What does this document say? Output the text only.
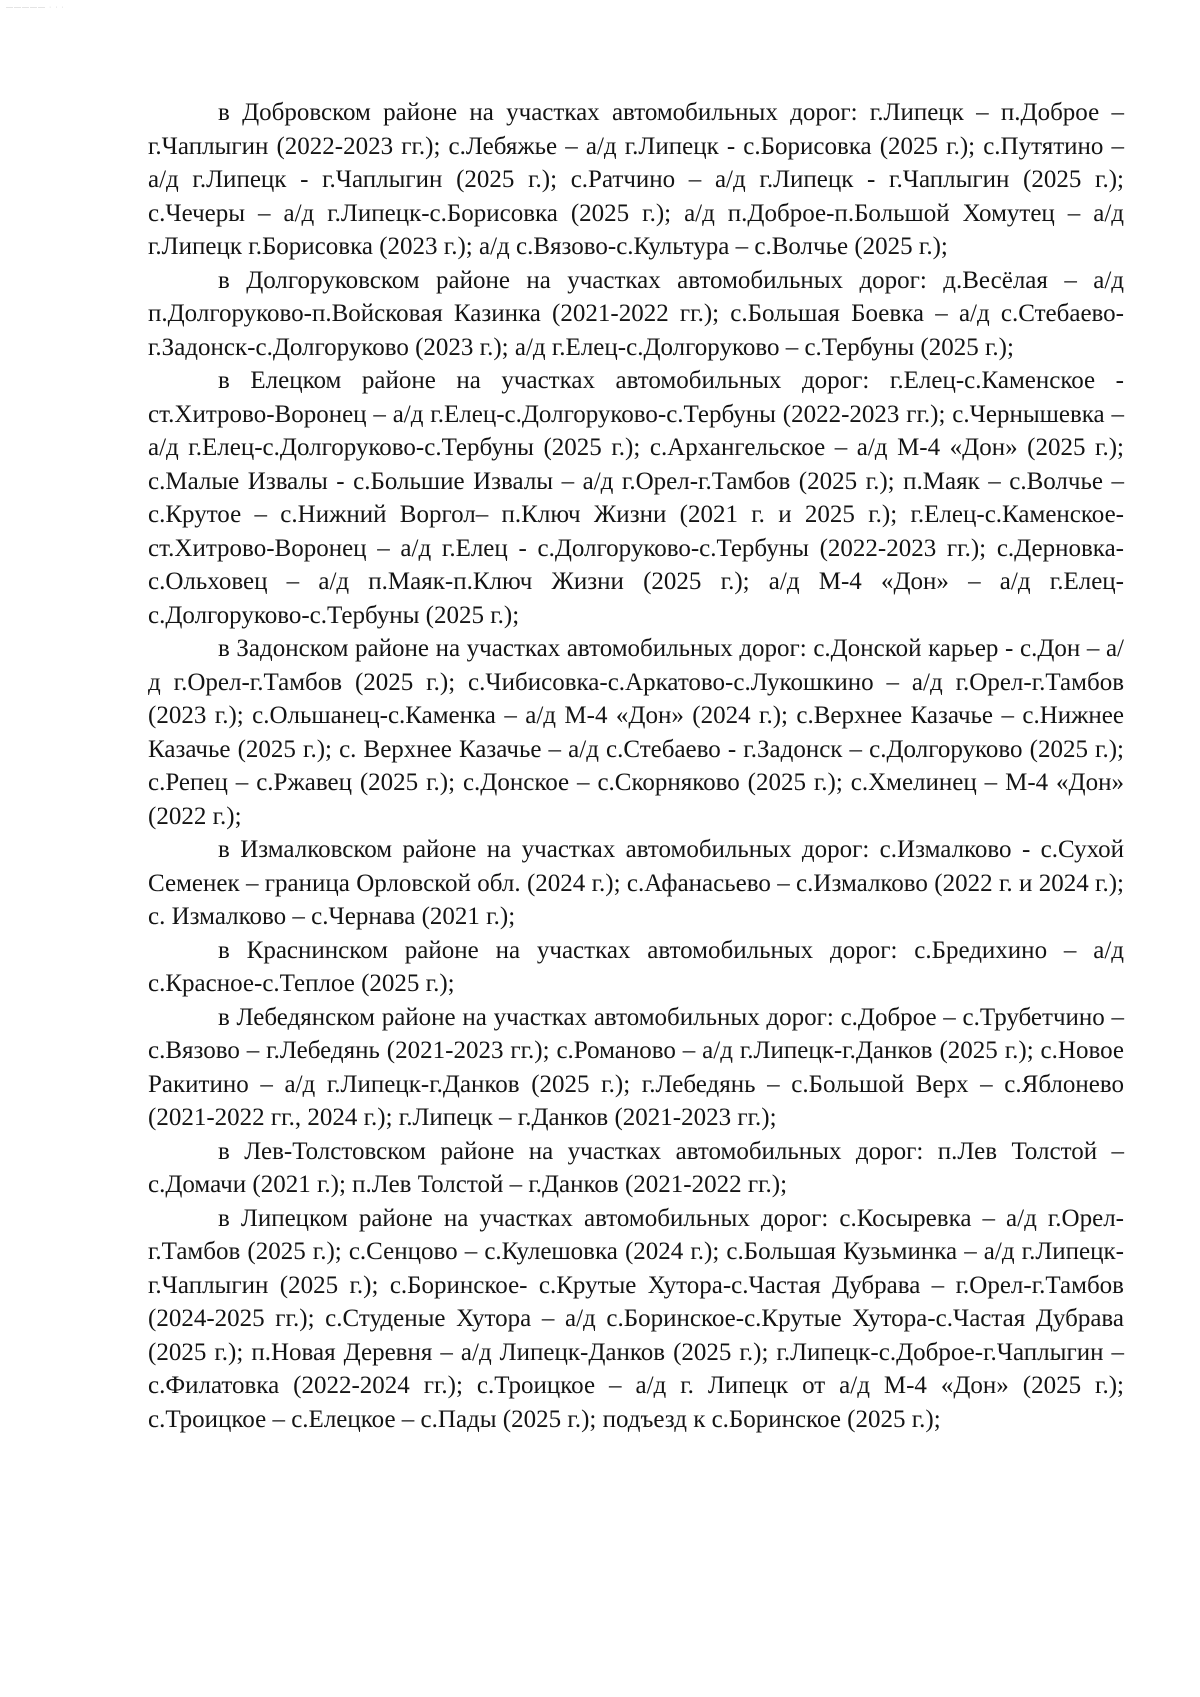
————— · · ·

в Добровском районе на участках автомобильных дорог: г.Липецк – п.Доброе – г.Чаплыгин (2022-2023 гг.); с.Лебяжье – а/д г.Липецк - с.Борисовка (2025 г.); с.Путятино – а/д г.Липецк - г.Чаплыгин (2025 г.); с.Ратчино – а/д г.Липецк - г.Чаплыгин (2025 г.); с.Чечеры – а/д г.Липецк-с.Борисовка (2025 г.); а/д п.Доброе-п.Большой Хомутец – а/д г.Липецк г.Борисовка (2023 г.); а/д с.Вязово-с.Культура – с.Волчье (2025 г.);

в Долгоруковском районе на участках автомобильных дорог: д.Весёлая – а/д п.Долгоруково-п.Войсковая Казинка (2021-2022 гг.); с.Большая Боевка – а/д с.Стебаево-г.Задонск-с.Долгоруково (2023 г.); а/д г.Елец-с.Долгоруково – с.Тербуны (2025 г.);

в Елецком районе на участках автомобильных дорог: г.Елец-с.Каменское - ст.Хитрово-Воронец – а/д г.Елец-с.Долгоруково-с.Тербуны (2022-2023 гг.); с.Чернышевка – а/д г.Елец-с.Долгоруково-с.Тербуны (2025 г.); с.Архангельское – а/д М-4 «Дон» (2025 г.); с.Малые Извалы - с.Большие Извалы – а/д г.Орел-г.Тамбов (2025 г.); п.Маяк – с.Волчье – с.Крутое – с.Нижний Воргол– п.Ключ Жизни (2021 г. и 2025 г.); г.Елец-с.Каменское-ст.Хитрово-Воронец – а/д г.Елец - с.Долгоруково-с.Тербуны (2022-2023 гг.); с.Дерновка-с.Ольховец – а/д п.Маяк-п.Ключ Жизни (2025 г.); а/д М-4 «Дон» – а/д г.Елец-с.Долгоруково-с.Тербуны (2025 г.);

в Задонском районе на участках автомобильных дорог: с.Донской карьер - с.Дон – а/д г.Орел-г.Тамбов (2025 г.); с.Чибисовка-с.Аркатово-с.Лукошкино – а/д г.Орел-г.Тамбов (2023 г.); с.Ольшанец-с.Каменка – а/д М-4 «Дон» (2024 г.); с.Верхнее Казачье – с.Нижнее Казачье (2025 г.); с. Верхнее Казачье – а/д с.Стебаево - г.Задонск – с.Долгоруково (2025 г.); с.Репец – с.Ржавец (2025 г.); с.Донское – с.Скорняково (2025 г.); с.Хмелинец – М-4 «Дон» (2022 г.);

в Измалковском районе на участках автомобильных дорог: с.Измалково - с.Сухой Семенек – граница Орловской обл. (2024 г.); с.Афанасьево – с.Измалково (2022 г. и 2024 г.); с. Измалково – с.Чернава (2021 г.);

в Краснинском районе на участках автомобильных дорог: с.Бредихино – а/д с.Красное-с.Теплое (2025 г.);

в Лебедянском районе на участках автомобильных дорог: с.Доброе – с.Трубетчино – с.Вязово – г.Лебедянь (2021-2023 гг.); с.Романово – а/д г.Липецк-г.Данков (2025 г.); с.Новое Ракитино – а/д г.Липецк-г.Данков (2025 г.); г.Лебедянь – с.Большой Верх – с.Яблонево (2021-2022 гг., 2024 г.); г.Липецк – г.Данков (2021-2023 гг.);

в Лев-Толстовском районе на участках автомобильных дорог: п.Лев Толстой – с.Домачи (2021 г.); п.Лев Толстой – г.Данков (2021-2022 гг.);

в Липецком районе на участках автомобильных дорог: с.Косыревка – а/д г.Орел-г.Тамбов (2025 г.); с.Сенцово – с.Кулешовка (2024 г.); с.Большая Кузьминка – а/д г.Липецк-г.Чаплыгин (2025 г.); с.Боринское- с.Крутые Хутора-с.Частая Дубрава – г.Орел-г.Тамбов (2024-2025 гг.); с.Студеные Хутора – а/д с.Боринское-с.Крутые Хутора-с.Частая Дубрава (2025 г.); п.Новая Деревня – а/д Липецк-Данков (2025 г.); г.Липецк-с.Доброе-г.Чаплыгин – с.Филатовка (2022-2024 гг.); с.Троицкое – а/д г. Липецк от а/д М-4 «Дон» (2025 г.); с.Троицкое – с.Елецкое – с.Пады (2025 г.); подъезд к с.Боринское (2025 г.);
